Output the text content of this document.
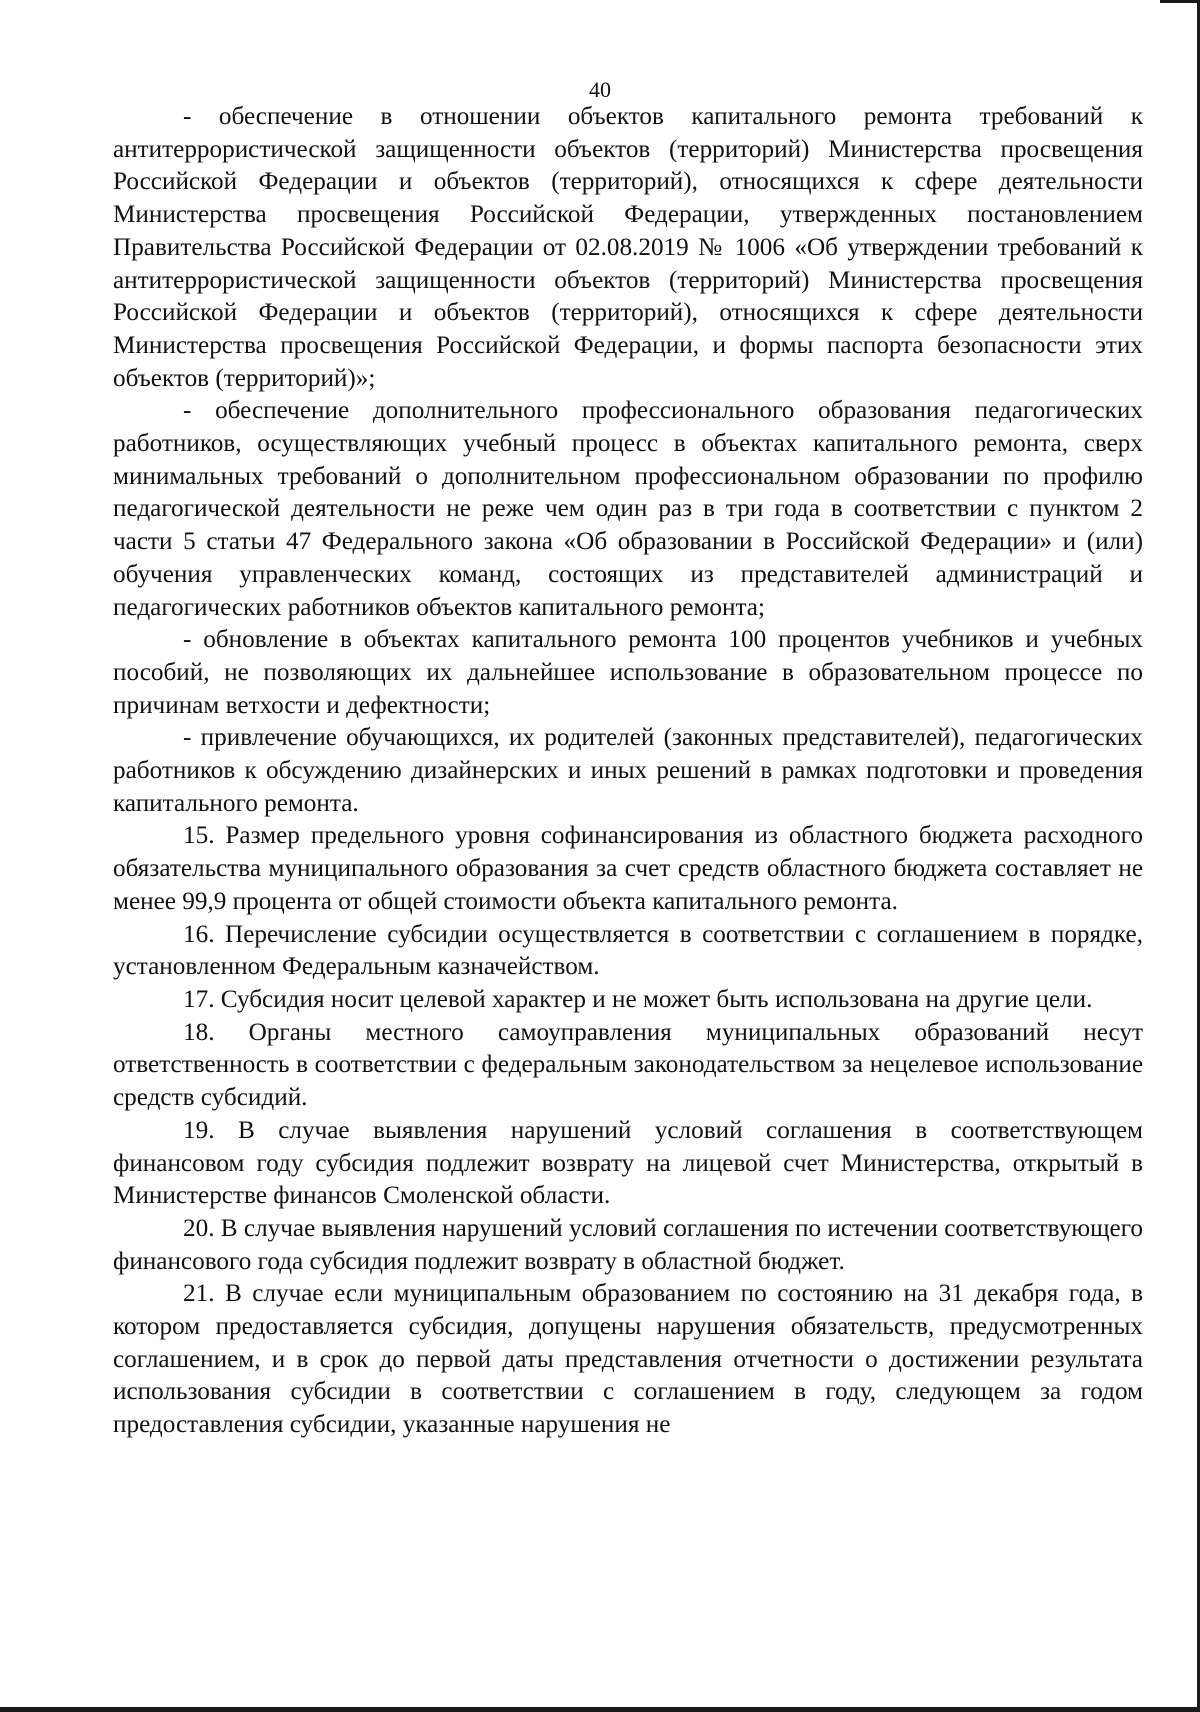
40

- обеспечение в отношении объектов капитального ремонта требований к антитеррористической защищенности объектов (территорий) Министерства просвещения Российской Федерации и объектов (территорий), относящихся к сфере деятельности Министерства просвещения Российской Федерации, утвержденных постановлением Правительства Российской Федерации от 02.08.2019 № 1006 «Об утверждении требований к антитеррористической защищенности объектов (территорий) Министерства просвещения Российской Федерации и объектов (территорий), относящихся к сфере деятельности Министерства просвещения Российской Федерации, и формы паспорта безопасности этих объектов (территорий)»;

- обеспечение дополнительного профессионального образования педагогических работников, осуществляющих учебный процесс в объектах капитального ремонта, сверх минимальных требований о дополнительном профессиональном образовании по профилю педагогической деятельности не реже чем один раз в три года в соответствии с пунктом 2 части 5 статьи 47 Федерального закона «Об образовании в Российской Федерации» и (или) обучения управленческих команд, состоящих из представителей администраций и педагогических работников объектов капитального ремонта;

- обновление в объектах капитального ремонта 100 процентов учебников и учебных пособий, не позволяющих их дальнейшее использование в образовательном процессе по причинам ветхости и дефектности;

- привлечение обучающихся, их родителей (законных представителей), педагогических работников к обсуждению дизайнерских и иных решений в рамках подготовки и проведения капитального ремонта.

15. Размер предельного уровня софинансирования из областного бюджета расходного обязательства муниципального образования за счет средств областного бюджета составляет не менее 99,9 процента от общей стоимости объекта капитального ремонта.

16. Перечисление субсидии осуществляется в соответствии с соглашением в порядке, установленном Федеральным казначейством.

17. Субсидия носит целевой характер и не может быть использована на другие цели.

18. Органы местного самоуправления муниципальных образований несут ответственность в соответствии с федеральным законодательством за нецелевое использование средств субсидий.

19. В случае выявления нарушений условий соглашения в соответствующем финансовом году субсидия подлежит возврату на лицевой счет Министерства, открытый в Министерстве финансов Смоленской области.

20. В случае выявления нарушений условий соглашения по истечении соответствующего финансового года субсидия подлежит возврату в областной бюджет.

21. В случае если муниципальным образованием по состоянию на 31 декабря года, в котором предоставляется субсидия, допущены нарушения обязательств, предусмотренных соглашением, и в срок до первой даты представления отчетности о достижении результата использования субсидии в соответствии с соглашением в году, следующем за годом предоставления субсидии, указанные нарушения не
